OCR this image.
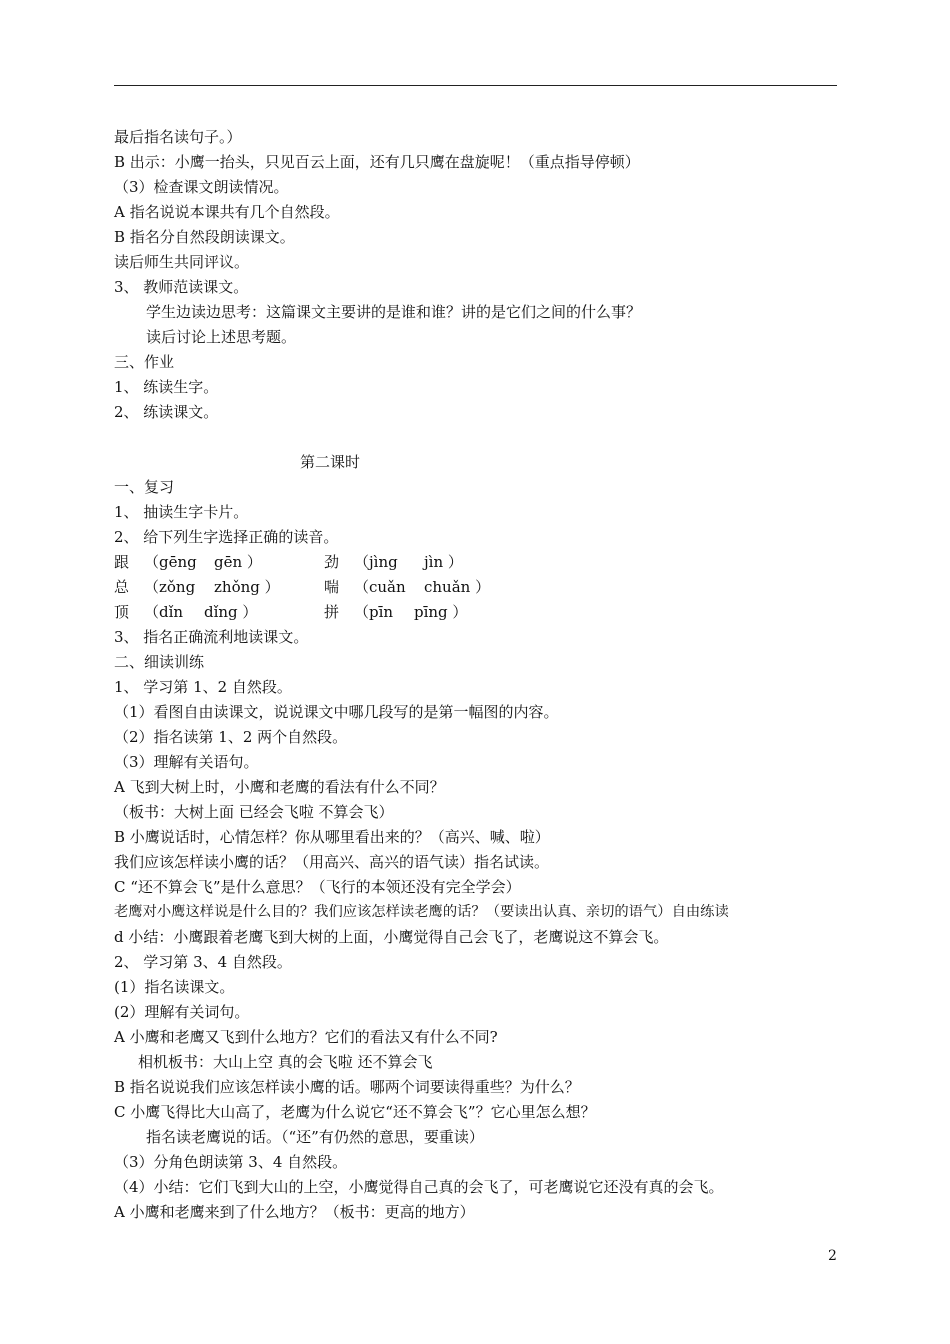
最后指名读句子。）
B 出示：小鹰一抬头，只见百云上面，还有几只鹰在盘旋呢！（重点指导停顿）
（3）检查课文朗读情况。
A 指名说说本课共有几个自然段。
B 指名分自然段朗读课文。
读后师生共同评议。
3、 教师范读课文。
学生边读边思考：这篇课文主要讲的是谁和谁？讲的是它们之间的什么事？
读后讨论上述思考题。
三、作业
1、 练读生字。
2、 练读课文。
第二课时
一、复习
1、 抽读生字卡片。
2、 给下列生字选择正确的读音。
跟 （gēng gēn ）	劲 （jìng jìn ）
总 （zǒng zhǒng ）	喘 （cuǎn chuǎn ）
顶 （dǐn dǐng ）	拼 （pīn pīng ）
3、 指名正确流利地读课文。
二、细读训练
1、 学习第 1、2 自然段。
（1）看图自由读课文，说说课文中哪几段写的是第一幅图的内容。
（2）指名读第 1、2 两个自然段。
（3）理解有关语句。
A 飞到大树上时，小鹰和老鹰的看法有什么不同？
（板书：大树上面 已经会飞啦 不算会飞）
B 小鹰说话时，心情怎样？你从哪里看出来的？（高兴、喊、啦）
我们应该怎样读小鹰的话？（用高兴、高兴的语气读）指名试读。
C “还不算会飞”是什么意思？（飞行的本领还没有完全学会）
老鹰对小鹰这样说是什么目的？我们应该怎样读老鹰的话？（要读出认真、亲切的语气）自由练读
d 小结：小鹰跟着老鹰飞到大树的上面，小鹰觉得自己会飞了，老鹰说这不算会飞。
2、 学习第 3、4 自然段。
(1）指名读课文。
(2）理解有关词句。
A 小鹰和老鹰又飞到什么地方？它们的看法又有什么不同?
相机板书：大山上空 真的会飞啦 还不算会飞
B 指名说说我们应该怎样读小鹰的话。哪两个词要读得重些？为什么？
C 小鹰飞得比大山高了，老鹰为什么说它“还不算会飞”？它心里怎么想？
指名读老鹰说的话。（“还”有仍然的意思，要重读）
（3）分角色朗读第 3、4 自然段。
（4）小结：它们飞到大山的上空，小鹰觉得自己真的会飞了，可老鹰说它还没有真的会飞。
A 小鹰和老鹰来到了什么地方？（板书：更高的地方）
2
